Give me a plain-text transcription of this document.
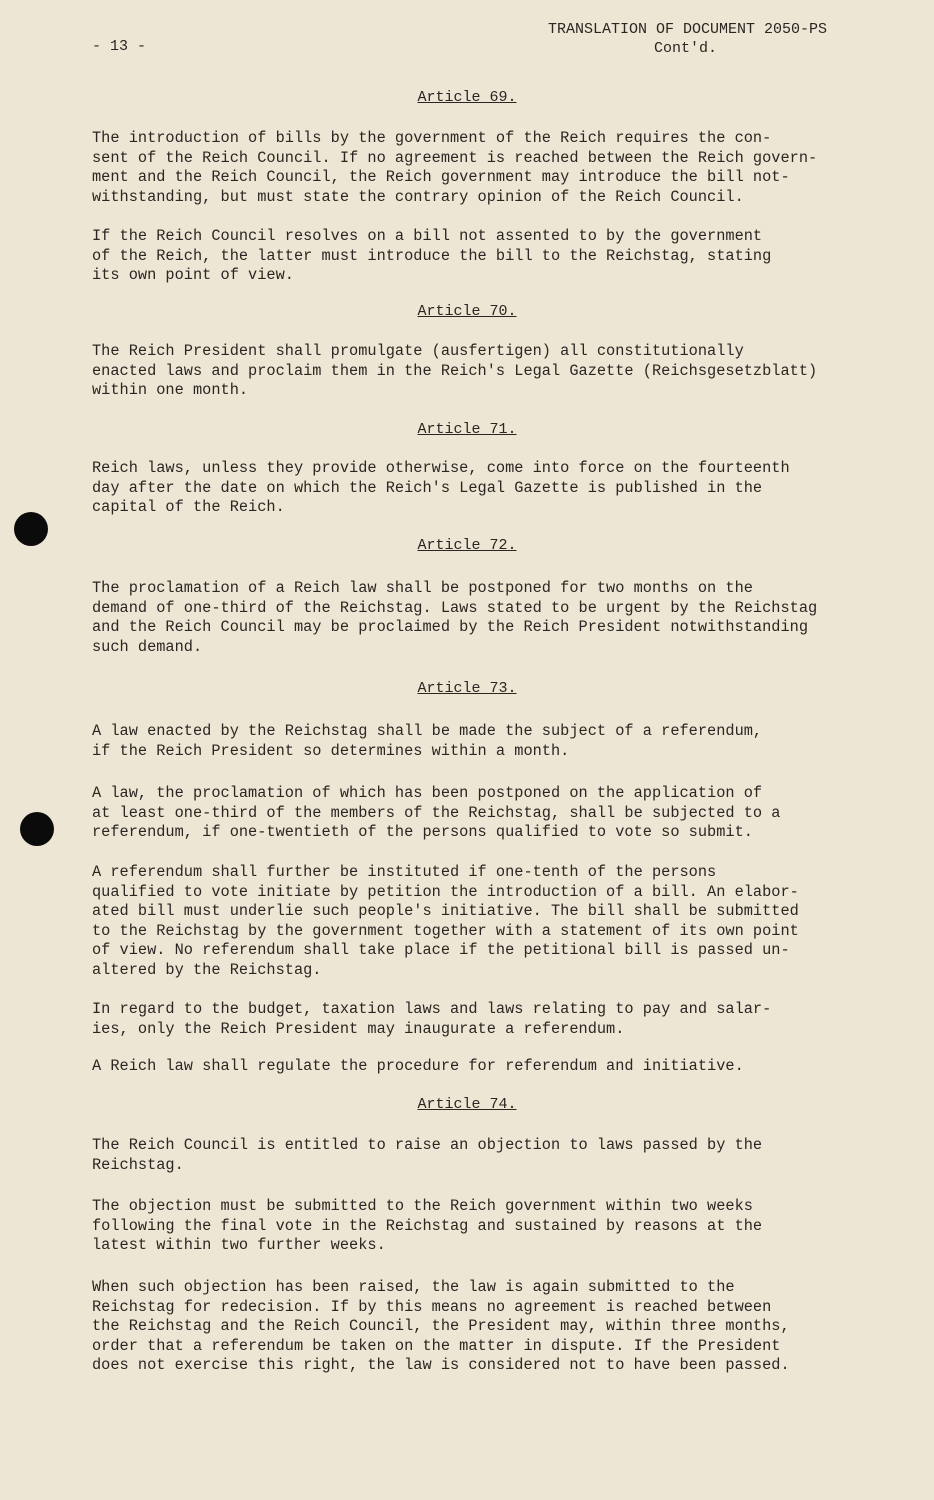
- 13 -
TRANSLATION OF DOCUMENT 2050-PS
Cont'd.
Article 69.

The introduction of bills by the government of the Reich requires the con-
sent of the Reich Council. If no agreement is reached between the Reich govern-
ment and the Reich Council, the Reich government may introduce the bill not-
withstanding, but must state the contrary opinion of the Reich Council.

If the Reich Council resolves on a bill not assented to by the government
of the Reich, the latter must introduce the bill to the Reichstag, stating
its own point of view.

Article 70.

The Reich President shall promulgate (ausfertigen) all constitutionally
enacted laws and proclaim them in the Reich's Legal Gazette (Reichsgesetzblatt)
within one month.

Article 71.

Reich laws, unless they provide otherwise, come into force on the fourteenth
day after the date on which the Reich's Legal Gazette is published in the
capital of the Reich.

Article 72.

The proclamation of a Reich law shall be postponed for two months on the
demand of one-third of the Reichstag. Laws stated to be urgent by the Reichstag
and the Reich Council may be proclaimed by the Reich President notwithstanding
such demand.

Article 73.

A law enacted by the Reichstag shall be made the subject of a referendum,
if the Reich President so determines within a month.

A law, the proclamation of which has been postponed on the application of
at least one-third of the members of the Reichstag, shall be subjected to a
referendum, if one-twentieth of the persons qualified to vote so submit.

A referendum shall further be instituted if one-tenth of the persons
qualified to vote initiate by petition the introduction of a bill. An elabor-
ated bill must underlie such people's initiative. The bill shall be submitted
to the Reichstag by the government together with a statement of its own point
of view. No referendum shall take place if the petitional bill is passed un-
altered by the Reichstag.

In regard to the budget, taxation laws and laws relating to pay and salar-
ies, only the Reich President may inaugurate a referendum.

A Reich law shall regulate the procedure for referendum and initiative.

Article 74.

The Reich Council is entitled to raise an objection to laws passed by the
Reichstag.

The objection must be submitted to the Reich government within two weeks
following the final vote in the Reichstag and sustained by reasons at the
latest within two further weeks.

When such objection has been raised, the law is again submitted to the
Reichstag for redecision. If by this means no agreement is reached between
the Reichstag and the Reich Council, the President may, within three months,
order that a referendum be taken on the matter in dispute. If the President
does not exercise this right, the law is considered not to have been passed.
